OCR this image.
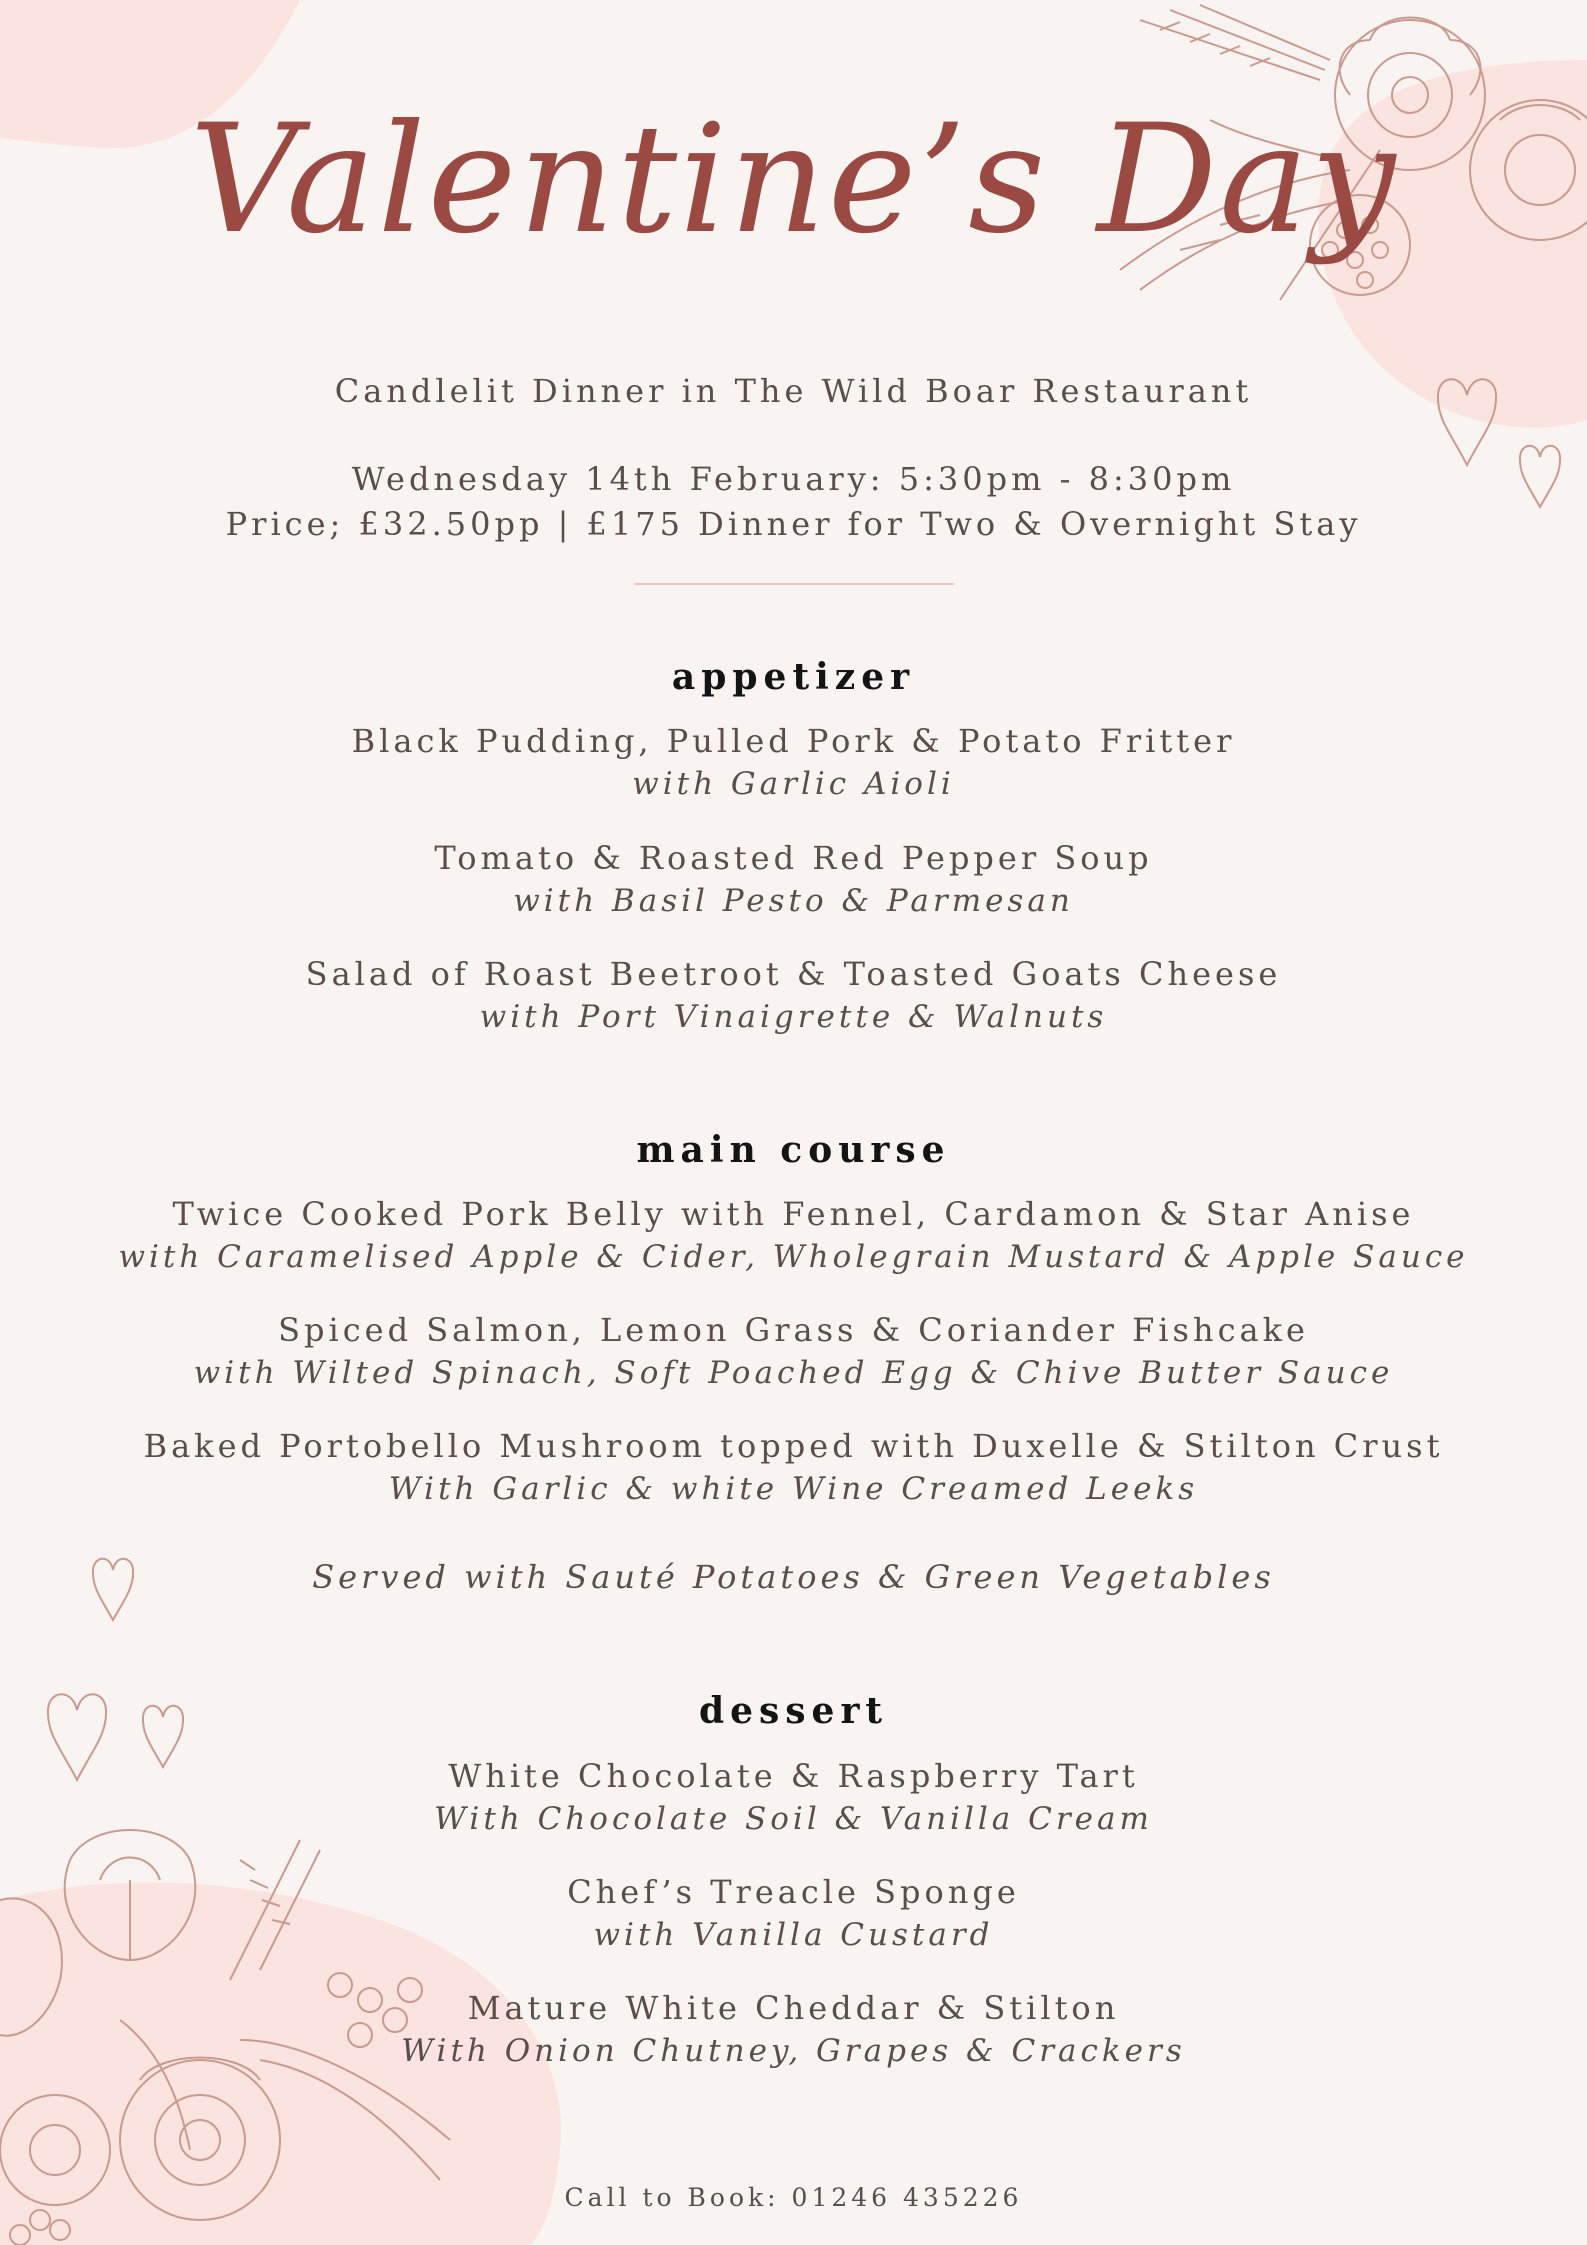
Valentine’s Day
Candlelit Dinner in The Wild Boar Restaurant
Wednesday 14th February: 5:30pm - 8:30pm
Price; £32.50pp | £175 Dinner for Two & Overnight Stay
appetizer
Black Pudding, Pulled Pork & Potato Fritter
with Garlic Aioli
Tomato & Roasted Red Pepper Soup
with Basil Pesto & Parmesan
Salad of Roast Beetroot & Toasted Goats Cheese
with Port Vinaigrette & Walnuts
main course
Twice Cooked Pork Belly with Fennel, Cardamon & Star Anise
with Caramelised Apple & Cider, Wholegrain Mustard & Apple Sauce
Spiced Salmon, Lemon Grass & Coriander Fishcake
with Wilted Spinach, Soft Poached Egg & Chive Butter Sauce
Baked Portobello Mushroom topped with Duxelle & Stilton Crust
With Garlic & white Wine Creamed Leeks
Served with Sauté Potatoes & Green Vegetables
dessert
White Chocolate & Raspberry Tart
With Chocolate Soil & Vanilla Cream
Chef’s Treacle Sponge
with Vanilla Custard
Mature White Cheddar & Stilton
With Onion Chutney, Grapes & Crackers
Call to Book: 01246 435226
